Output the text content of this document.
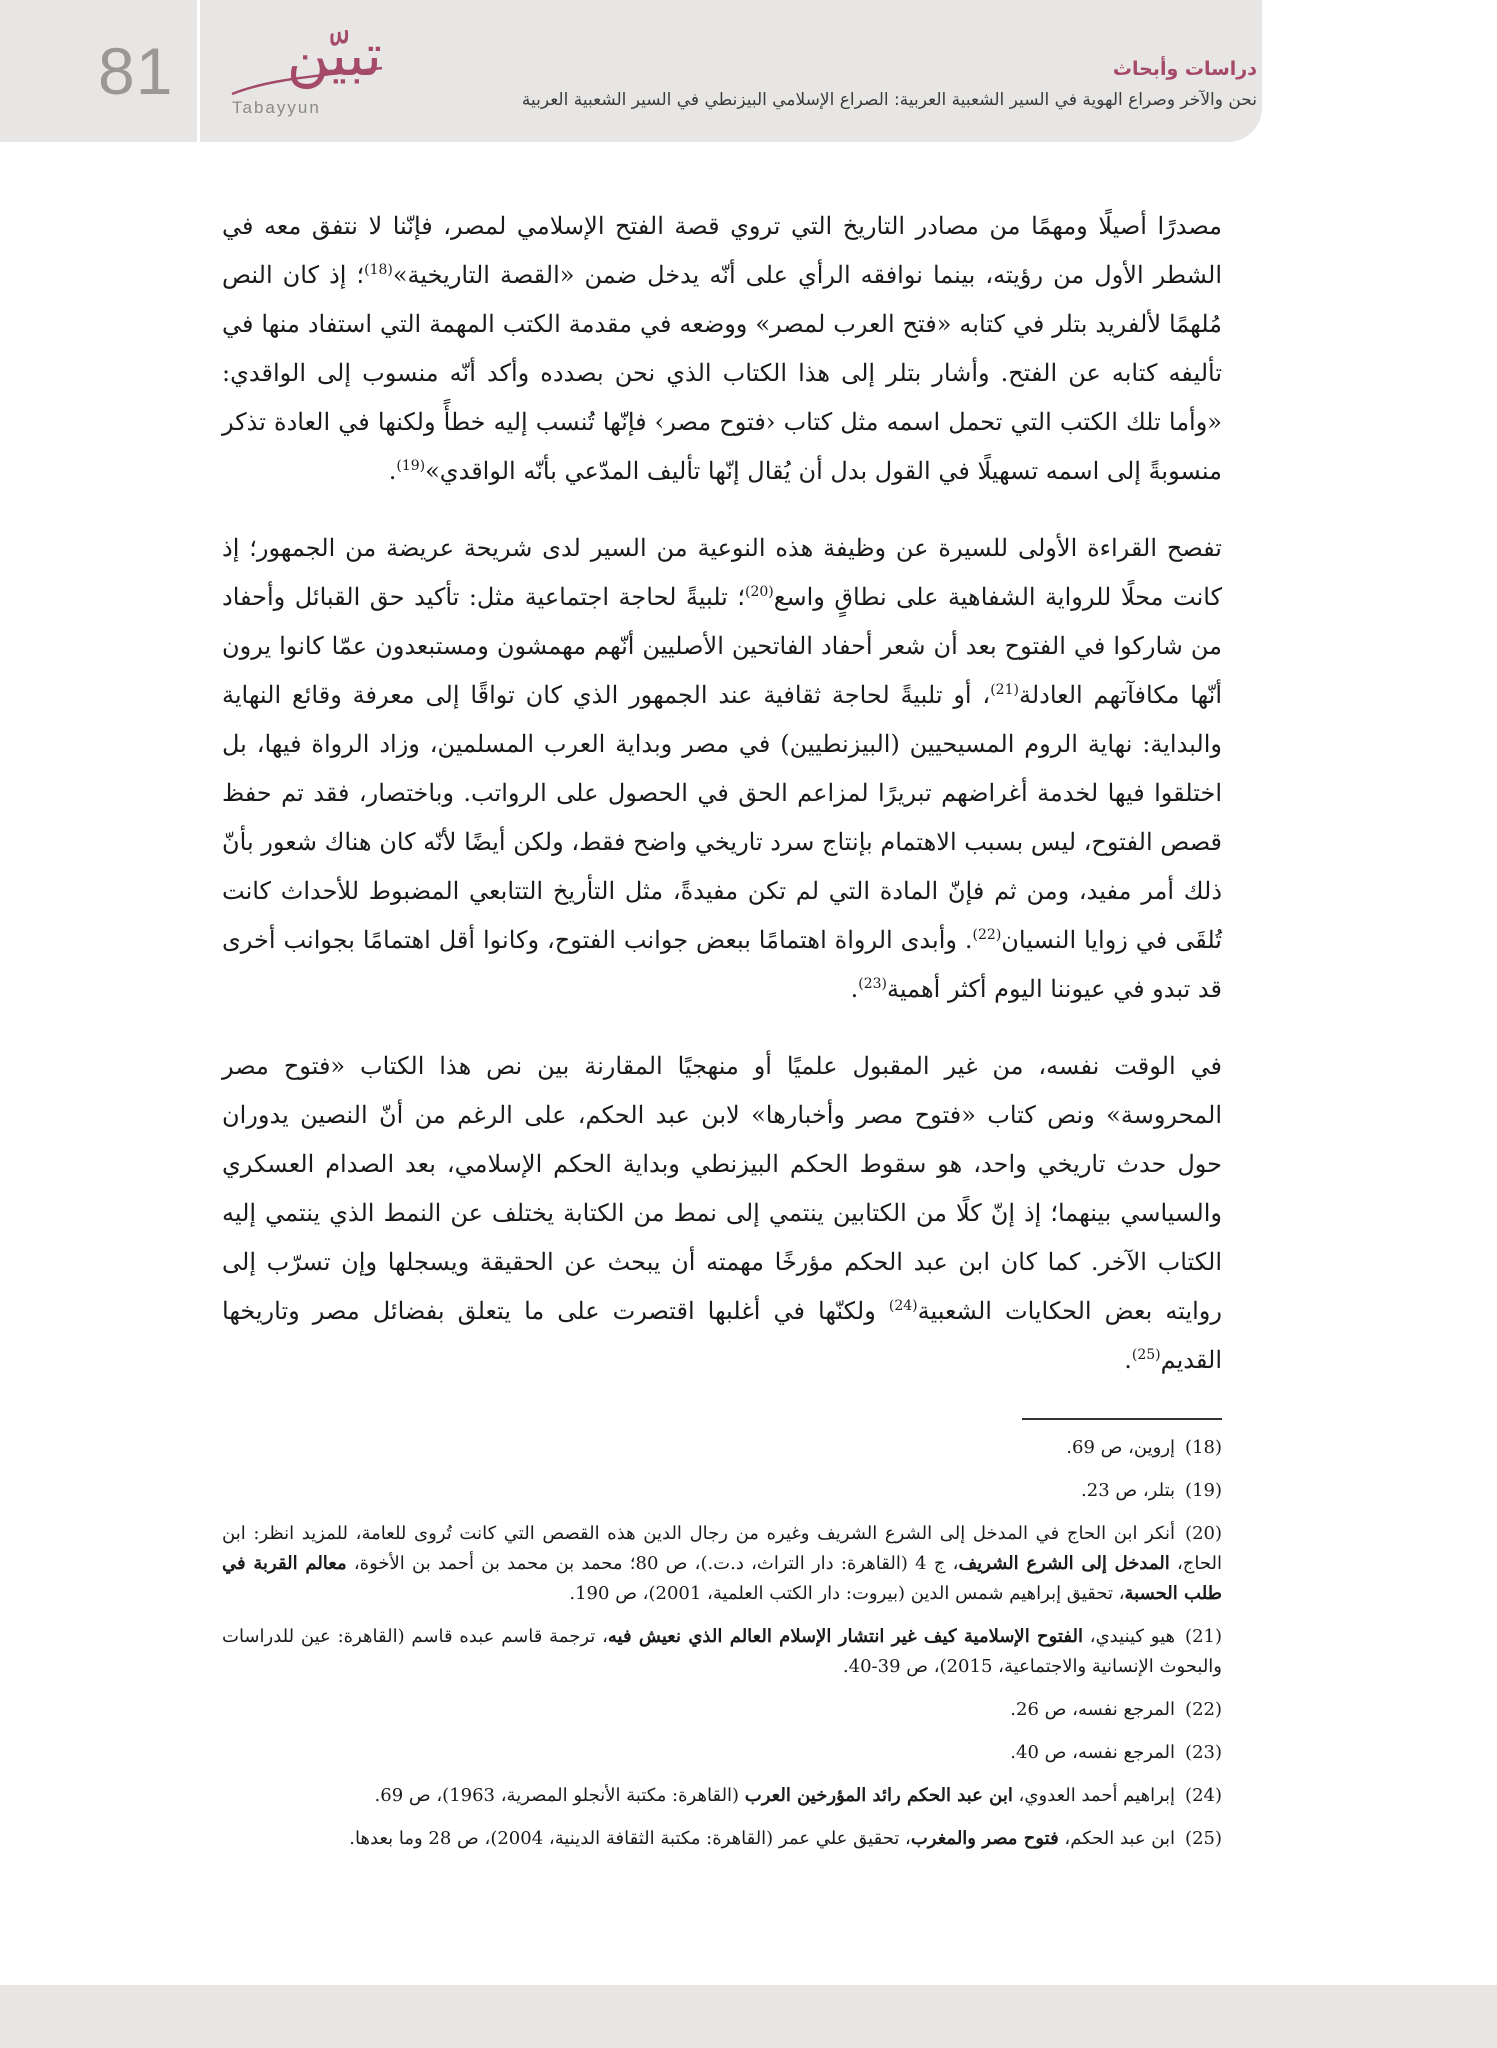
81 تبيّن
Tabayyun
دراسات وأبحاث
نحن والآخر وصراع الهوية في السير الشعبية العربية: الصراع الإسلامي البيزنطي في السير الشعبية العربية

مصدرًا أصيلًا ومهمًا من مصادر التاريخ التي تروي قصة الفتح الإسلامي لمصر، فإنّنا لا نتفق معه في الشطر الأول من رؤيته، بينما نوافقه الرأي على أنّه يدخل ضمن «القصة التاريخية»$^{(18)}$؛ إذ كان النص مُلهمًا لألفريد بتلر في كتابه «فتح العرب لمصر» ووضعه في مقدمة الكتب المهمة التي استفاد منها في تأليفه كتابه عن الفتح. وأشار بتلر إلى هذا الكتاب الذي نحن بصدده وأكد أنّه منسوب إلى الواقدي: «وأما تلك الكتب التي تحمل اسمه مثل كتاب ‹فتوح مصر› فإنّها تُنسب إليه خطأً ولكنها في العادة تذكر منسوبةً إلى اسمه تسهيلًا في القول بدل أن يُقال إنّها تأليف المدّعي بأنّه الواقدي»$^{(19)}$.

تفصح القراءة الأولى للسيرة عن وظيفة هذه النوعية من السير لدى شريحة عريضة من الجمهور؛ إذ كانت محلًا للرواية الشفاهية على نطاقٍ واسع$^{(20)}$؛ تلبيةً لحاجة اجتماعية مثل: تأكيد حق القبائل وأحفاد من شاركوا في الفتوح بعد أن شعر أحفاد الفاتحين الأصليين أنّهم مهمشون ومستبعدون عمّا كانوا يرون أنّها مكافآتهم العادلة$^{(21)}$، أو تلبيةً لحاجة ثقافية عند الجمهور الذي كان تواقًا إلى معرفة وقائع النهاية والبداية: نهاية الروم المسيحيين (البيزنطيين) في مصر وبداية العرب المسلمين، وزاد الرواة فيها، بل اختلقوا فيها لخدمة أغراضهم تبريرًا لمزاعم الحق في الحصول على الرواتب. وباختصار، فقد تم حفظ قصص الفتوح، ليس بسبب الاهتمام بإنتاج سرد تاريخي واضح فقط، ولكن أيضًا لأنّه كان هناك شعور بأنّ ذلك أمر مفيد، ومن ثم فإنّ المادة التي لم تكن مفيدةً، مثل التأريخ التتابعي المضبوط للأحداث كانت تُلقَى في زوايا النسيان$^{(22)}$. وأبدى الرواة اهتمامًا ببعض جوانب الفتوح، وكانوا أقل اهتمامًا بجوانب أخرى قد تبدو في عيوننا اليوم أكثر أهمية$^{(23)}$.

في الوقت نفسه، من غير المقبول علميًا أو منهجيًا المقارنة بين نص هذا الكتاب «فتوح مصر المحروسة» ونص كتاب «فتوح مصر وأخبارها» لابن عبد الحكم، على الرغم من أنّ النصين يدوران حول حدث تاريخي واحد، هو سقوط الحكم البيزنطي وبداية الحكم الإسلامي، بعد الصدام العسكري والسياسي بينهما؛ إذ إنّ كلًا من الكتابين ينتمي إلى نمط من الكتابة يختلف عن النمط الذي ينتمي إليه الكتاب الآخر. كما كان ابن عبد الحكم مؤرخًا مهمته أن يبحث عن الحقيقة ويسجلها وإن تسرّب إلى روايته بعض الحكايات الشعبية$^{(24)}$ ولكنّها في أغلبها اقتصرت على ما يتعلق بفضائل مصر وتاريخها القديم$^{(25)}$.

(18)إروين، ص 69.
(19)بتلر، ص 23.
(20)أنكر ابن الحاج في المدخل إلى الشرع الشريف وغيره من رجال الدين هذه القصص التي كانت تُروى للعامة، للمزيد انظر: ابن الحاج، المدخل إلى الشرع الشريف، ج 4 (القاهرة: دار التراث، د.ت.)، ص 80؛ محمد بن محمد بن أحمد بن الأخوة، معالم القربة في طلب الحسبة، تحقيق إبراهيم شمس الدين (بيروت: دار الكتب العلمية، 2001)، ص 190.
(21)هيو كينيدي، الفتوح الإسلامية كيف غير انتشار الإسلام العالم الذي نعيش فيه، ترجمة قاسم عبده قاسم (القاهرة: عين للدراسات والبحوث الإنسانية والاجتماعية، 2015)، ص 39-40.
(22)المرجع نفسه، ص 26.
(23)المرجع نفسه، ص 40.
(24)إبراهيم أحمد العدوي، ابن عبد الحكم رائد المؤرخين العرب (القاهرة: مكتبة الأنجلو المصرية، 1963)، ص 69.
(25)ابن عبد الحكم، فتوح مصر والمغرب، تحقيق علي عمر (القاهرة: مكتبة الثقافة الدينية، 2004)، ص 28 وما بعدها.
